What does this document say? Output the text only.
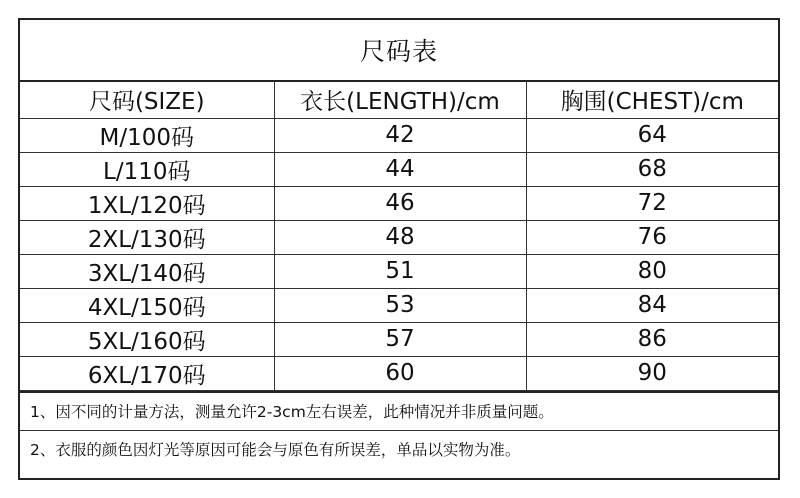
尺码表
尺码(SIZE)	衣长(LENGTH)/cm	胸围(CHEST)/cm
M/100码	42	64
L/110码	44	68
1XL/120码	46	72
2XL/130码	48	76
3XL/140码	51	80
4XL/150码	53	84
5XL/160码	57	86
6XL/170码	60	90
1、因不同的计量方法，测量允许2-3cm左右误差，此种情况并非质量问题。
2、衣服的颜色因灯光等原因可能会与原色有所误差，单品以实物为准。
